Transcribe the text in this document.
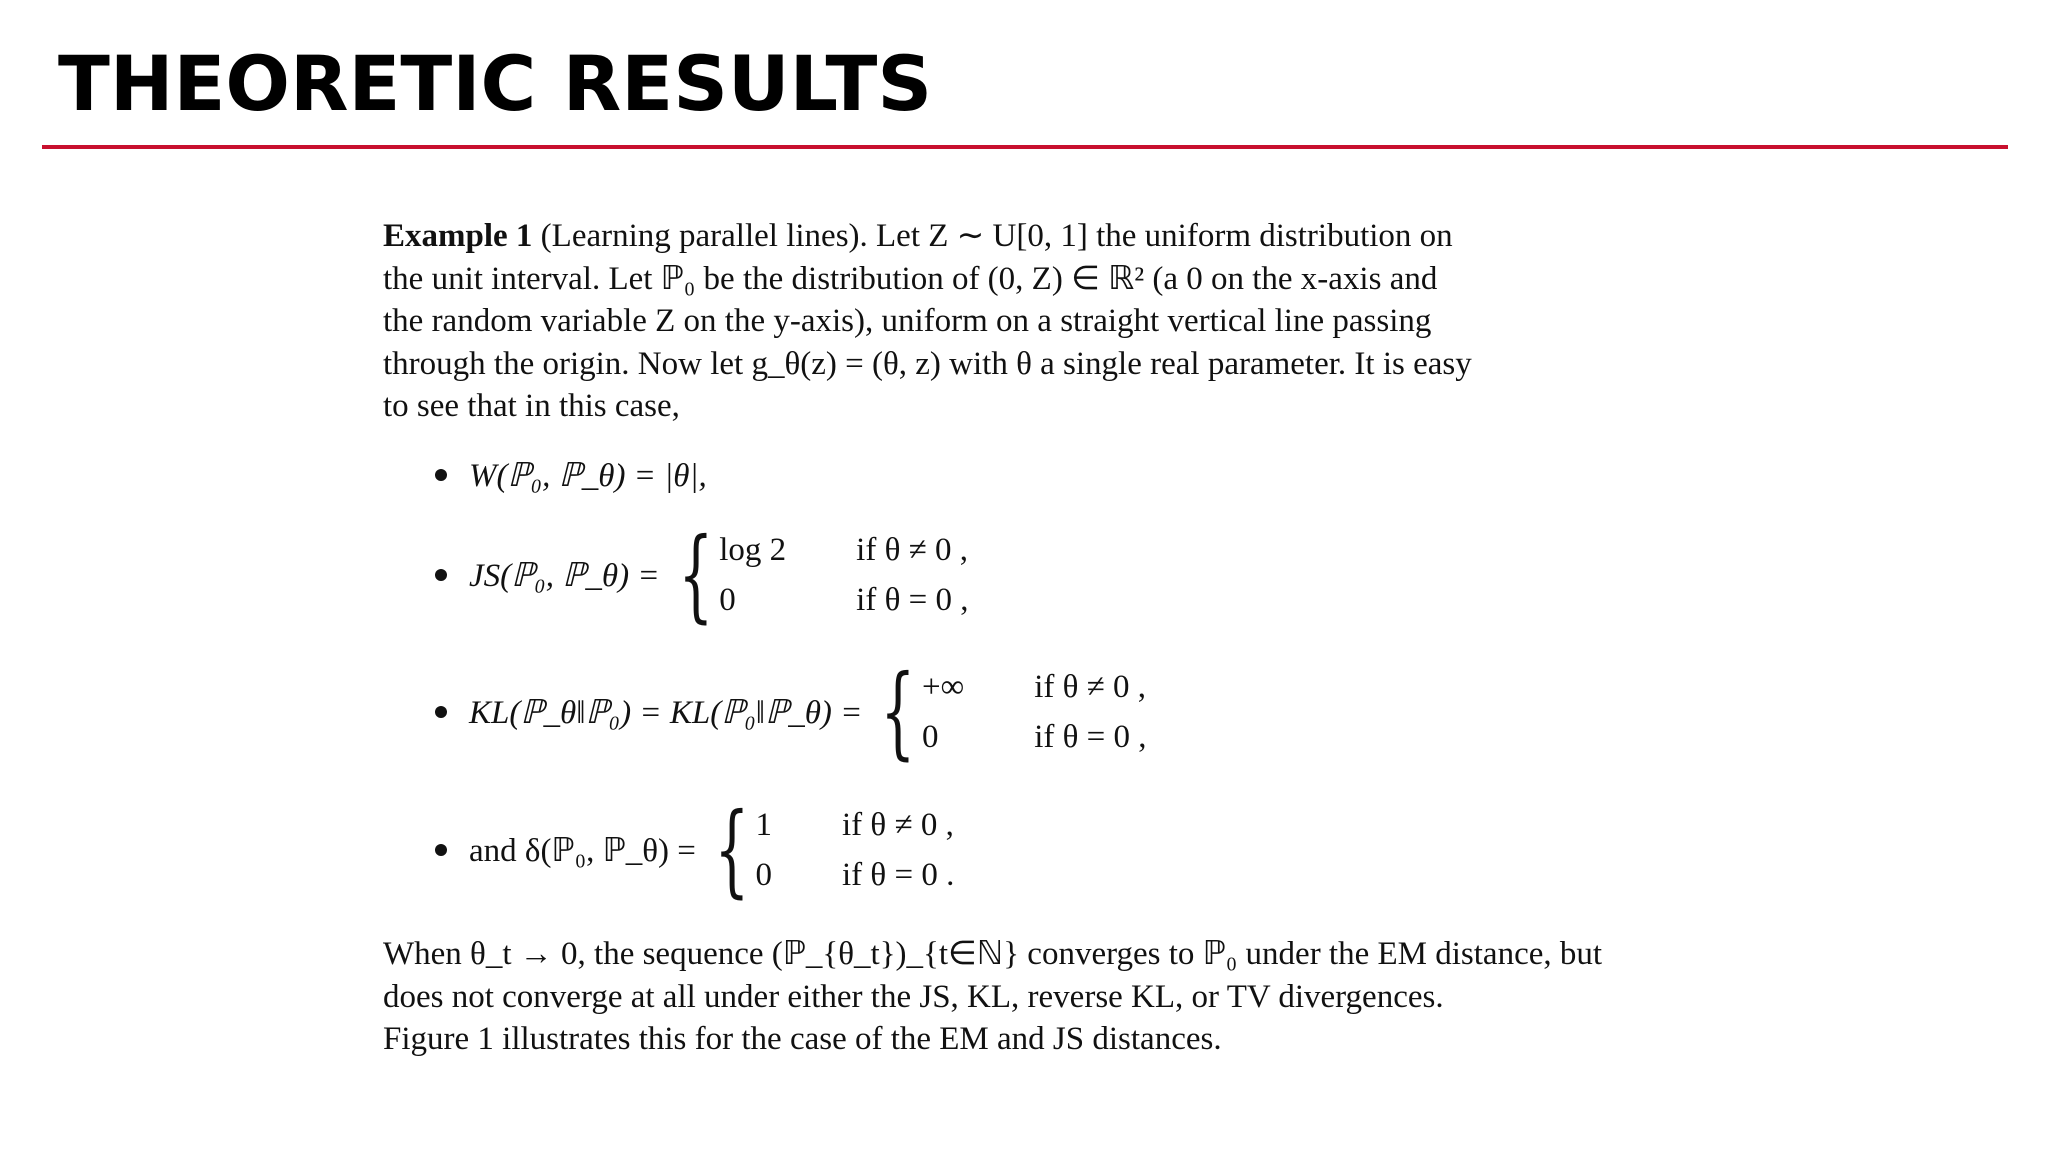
THEORETIC RESULTS

Example 1 (Learning parallel lines). Let Z ∼ U[0, 1] the uniform distribution on
the unit interval. Let ℙ₀ be the distribution of (0, Z) ∈ ℝ² (a 0 on the x-axis and
the random variable Z on the y-axis), uniform on a straight vertical line passing
through the origin. Now let g_θ(z) = (θ, z) with θ a single real parameter. It is easy
to see that in this case,

W(ℙ₀, ℙ_θ) = |θ|,
JS(ℙ₀, ℙ_θ) = { log 2 if θ ≠ 0 ,
0	if θ = 0 ,
KL(ℙ_θ‖ℙ₀) = KL(ℙ₀‖ℙ_θ) = { +∞ if θ ≠ 0 ,
0	if θ = 0 ,
and δ(ℙ₀, ℙ_θ) = { 1 if θ ≠ 0 ,
0 if θ = 0 .

When θ_t → 0, the sequence (ℙ_{θ_t})_{t∈ℕ} converges to ℙ₀ under the EM distance, but
does not converge at all under either the JS, KL, reverse KL, or TV divergences.
Figure 1 illustrates this for the case of the EM and JS distances.
